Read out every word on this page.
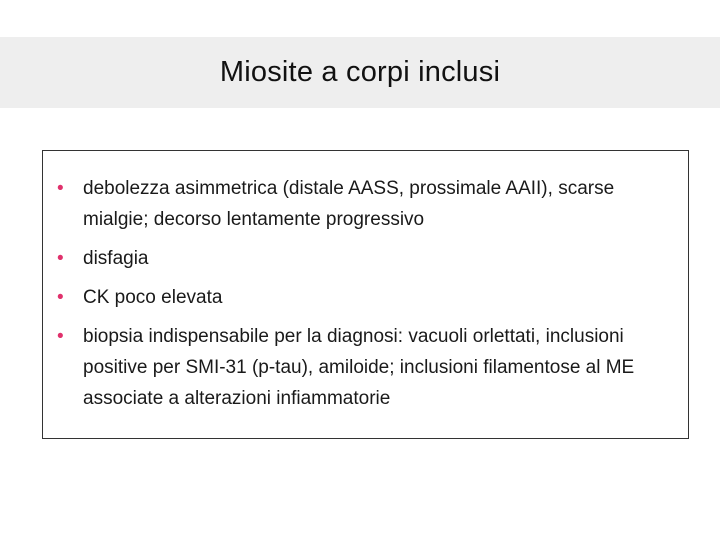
Miosite a corpi inclusi
• debolezza asimmetrica (distale AASS, prossimale AAII), scarse mialgie; decorso lentamente progressivo
• disfagia
• CK poco elevata
• biopsia indispensabile per la diagnosi: vacuoli orlettati, inclusioni positive per SMI-31 (p-tau), amiloide; inclusioni filamentose al ME associate a alterazioni infiammatorie
